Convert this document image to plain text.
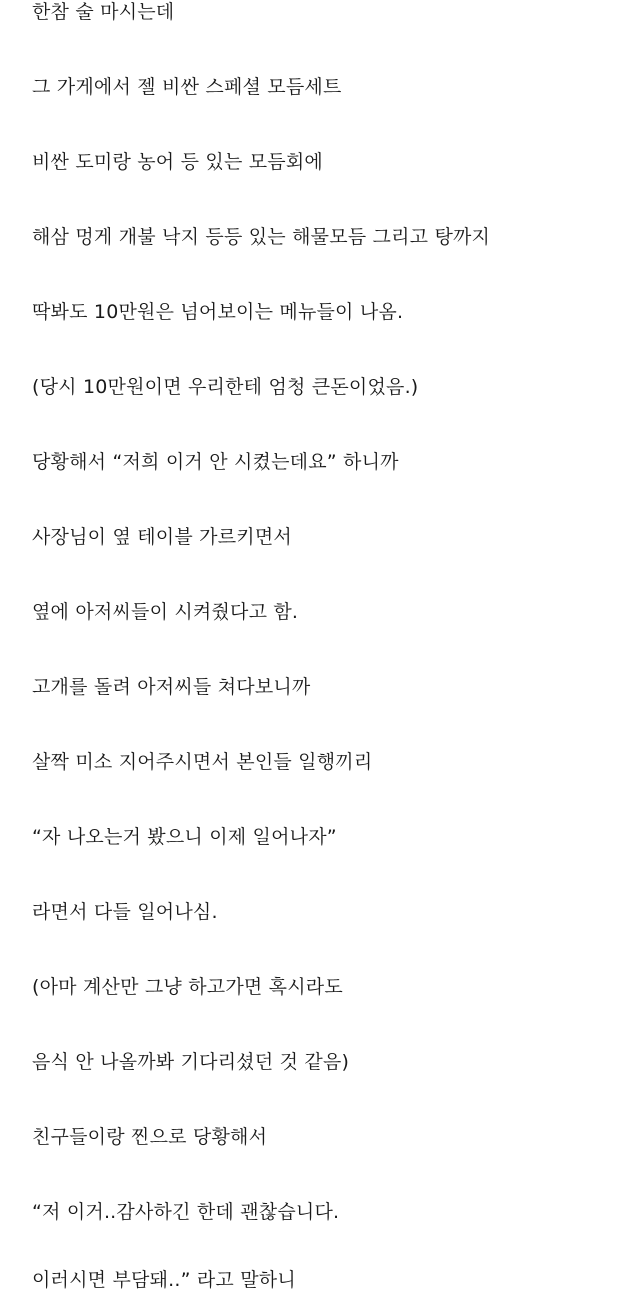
한참 술 마시는데

그 가게에서 젤 비싼 스페셜 모듬세트

비싼 도미랑 농어 등 있는 모듬회에

해삼 멍게 개불 낙지 등등 있는 해물모듬 그리고 탕까지

딱봐도 10만원은 넘어보이는 메뉴들이 나옴.

(당시 10만원이면 우리한테 엄청 큰돈이었음.)

당황해서 “저희 이거 안 시켰는데요” 하니까

사장님이 옆 테이블 가르키면서

옆에 아저씨들이 시켜줬다고 함.

고개를 돌려 아저씨들 쳐다보니까

살짝 미소 지어주시면서 본인들 일행끼리

“자 나오는거 봤으니 이제 일어나자”

라면서 다들 일어나심.

(아마 계산만 그냥 하고가면 혹시라도

음식 안 나올까봐 기다리셨던 것 같음)

친구들이랑 찐으로 당황해서

“저 이거..감사하긴 한데 괜찮습니다.

이러시면 부담돼..” 라고 말하니
